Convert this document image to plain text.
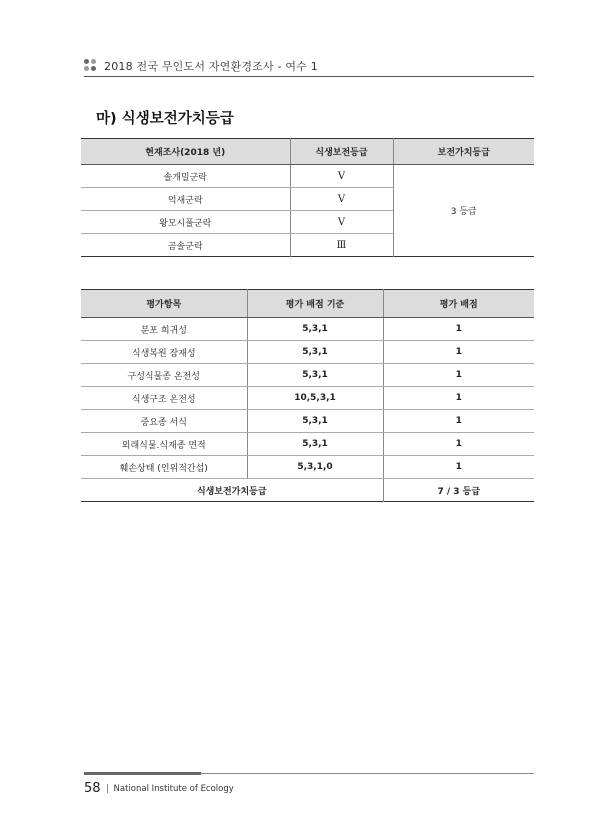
2018 전국 무인도서 자연환경조사 - 여수 1
마) 식생보전가치등급
현재조사(2018 년)	식생보전등급	보전가치등급
솔개밀군락	V	3 등급
억새군락	V	
왕모시풀군락	V	
곰솔군락	Ⅲ	
평가항목	평가 배점 기준	평가 배점
분포 희귀성	5,3,1	1
식생복원 잠재성	5,3,1	1
구성식물종 온전성	5,3,1	1
식생구조 온전성	10,5,3,1	1
중요종 서식	5,3,1	1
외래식물.식재종 면적	5,3,1	1
훼손상태 (인위적간섭)	5,3,1,0	1
식생보전가치등급		7 / 3 등급
58 National Institute of Ecology
